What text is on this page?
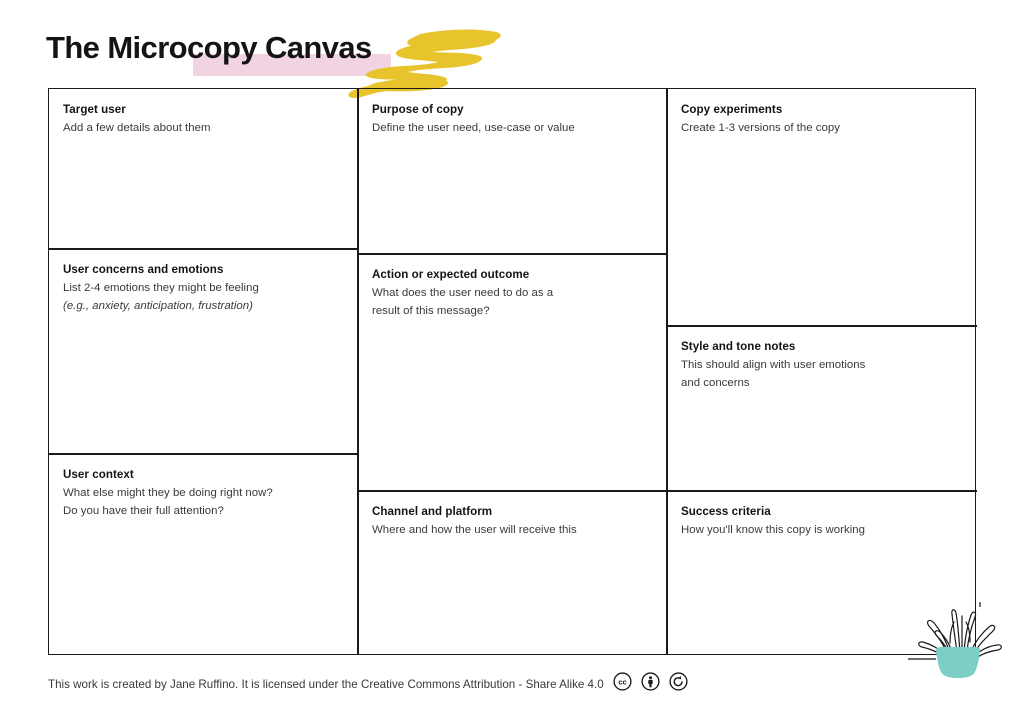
The Microcopy Canvas

Target user

Add a few details about them

User concerns and emotions

List 2-4 emotions they might be feeling

(e.g., anxiety, anticipation, frustration)

User context

What else might they be doing right now?

Do you have their full attention?

Purpose of copy

Define the user need, use-case or value

Action or expected outcome

What does the user need to do as a

result of this message?

Channel and platform

Where and how the user will receive this

Copy experiments

Create 1-3 versions of the copy

Style and tone notes

This should align with user emotions

and concerns

Success criteria

How you'll know this copy is working

This work is created by Jane Ruffino. It is licensed under the Creative Commons Attribution - Share Alike 4.0 cc
